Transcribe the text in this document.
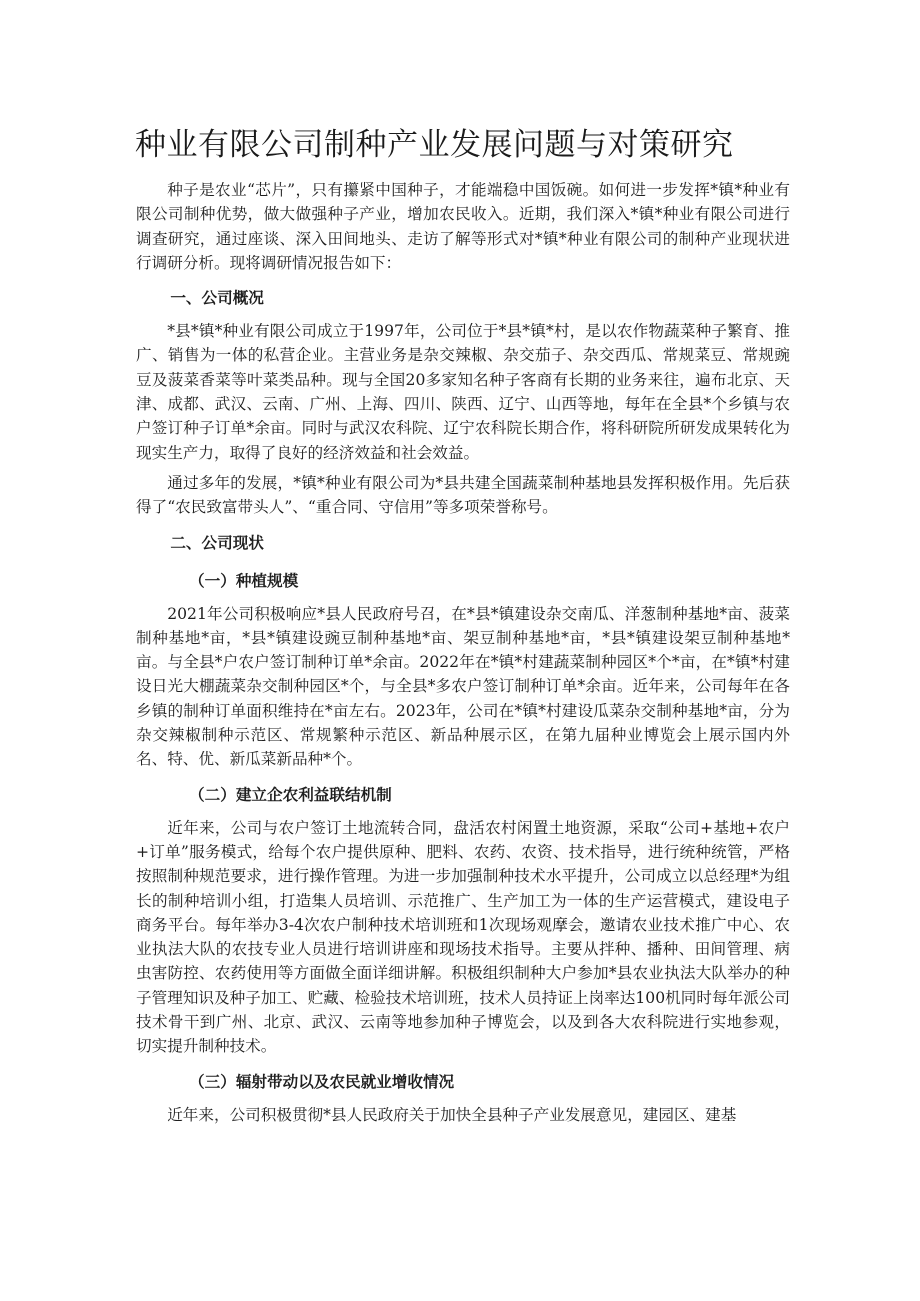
种业有限公司制种产业发展问题与对策研究

种子是农业“芯片”，只有攥紧中国种子，才能端稳中国饭碗。如何进一步发挥*镇*种业有限公司制种优势，做大做强种子产业，增加农民收入。近期，我们深入*镇*种业有限公司进行调查研究，通过座谈、深入田间地头、走访了解等形式对*镇*种业有限公司的制种产业现状进行调研分析。现将调研情况报告如下：

一、公司概况

*县*镇*种业有限公司成立于1997年，公司位于*县*镇*村，是以农作物蔬菜种子繁育、推广、销售为一体的私营企业。主营业务是杂交辣椒、杂交茄子、杂交西瓜、常规菜豆、常规豌豆及菠菜香菜等叶菜类品种。现与全国20多家知名种子客商有长期的业务来往，遍布北京、天津、成都、武汉、云南、广州、上海、四川、陕西、辽宁、山西等地，每年在全县*个乡镇与农户签订种子订单*余亩。同时与武汉农科院、辽宁农科院长期合作，将科研院所研发成果转化为现实生产力，取得了良好的经济效益和社会效益。

通过多年的发展，*镇*种业有限公司为*县共建全国蔬菜制种基地县发挥积极作用。先后获得了“农民致富带头人”、“重合同、守信用”等多项荣誉称号。

二、公司现状
（一）种植规模

2021年公司积极响应*县人民政府号召，在*县*镇建设杂交南瓜、洋葱制种基地*亩、菠菜制种基地*亩，*县*镇建设豌豆制种基地*亩、架豆制种基地*亩，*县*镇建设架豆制种基地*亩。与全县*户农户签订制种订单*余亩。2022年在*镇*村建蔬菜制种园区*个*亩，在*镇*村建设日光大棚蔬菜杂交制种园区*个，与全县*多农户签订制种订单*余亩。近年来，公司每年在各乡镇的制种订单面积维持在*亩左右。2023年，公司在*镇*村建设瓜菜杂交制种基地*亩，分为杂交辣椒制种示范区、常规繁种示范区、新品种展示区，在第九届种业博览会上展示国内外名、特、优、新瓜菜新品种*个。

（二）建立企农利益联结机制

近年来，公司与农户签订土地流转合同，盘活农村闲置土地资源，采取“公司+基地+农户+订单”服务模式，给每个农户提供原种、肥料、农药、农资、技术指导，进行统种统管，严格按照制种规范要求，进行操作管理。为进一步加强制种技术水平提升，公司成立以总经理*为组长的制种培训小组，打造集人员培训、示范推广、生产加工为一体的生产运营模式，建设电子商务平台。每年举办3-4次农户制种技术培训班和1次现场观摩会，邀请农业技术推广中心、农业执法大队的农技专业人员进行培训讲座和现场技术指导。主要从拌种、播种、田间管理、病虫害防控、农药使用等方面做全面详细讲解。积极组织制种大户参加*县农业执法大队举办的种子管理知识及种子加工、贮藏、检验技术培训班，技术人员持证上岗率达100机同时每年派公司技术骨干到广州、北京、武汉、云南等地参加种子博览会，以及到各大农科院进行实地参观，切实提升制种技术。

（三）辐射带动以及农民就业增收情况

近年来，公司积极贯彻*县人民政府关于加快全县种子产业发展意见，建园区、建基
